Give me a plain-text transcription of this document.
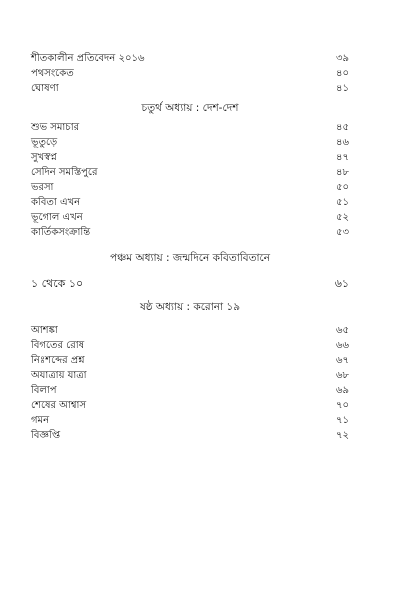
শীতকালীন প্রতিবেদন ২০১৬	৩৯
পথসংকেত	৪০
ঘোষণা	৪১
চতুর্থ অধ্যায় : দেশ-দেশ
শুভ সমাচার	৪৫
ভূতুড়ে	৪৬
সুখস্বপ্ন	৪৭
সেদিন সমস্তিপুরে	৪৮
ভরসা	৫০
কবিতা এখন	৫১
ভূগোল এখন	৫২
কার্তিকসংক্রান্তি	৫৩
পঞ্চম অধ্যায় : জন্মদিনে কবিতাবিতানে
১ থেকে ১০	৬১
ষষ্ঠ অধ্যায় : করোনা ১৯
আশঙ্কা	৬৫
বিগতের রোষ	৬৬
নিঃশব্দের প্রশ্ন	৬৭
অযাত্রায় যাত্রা	৬৮
বিলাপ	৬৯
শেষের আশ্বাস	৭০
গমন	৭১
বিজ্ঞপ্তি	৭২
